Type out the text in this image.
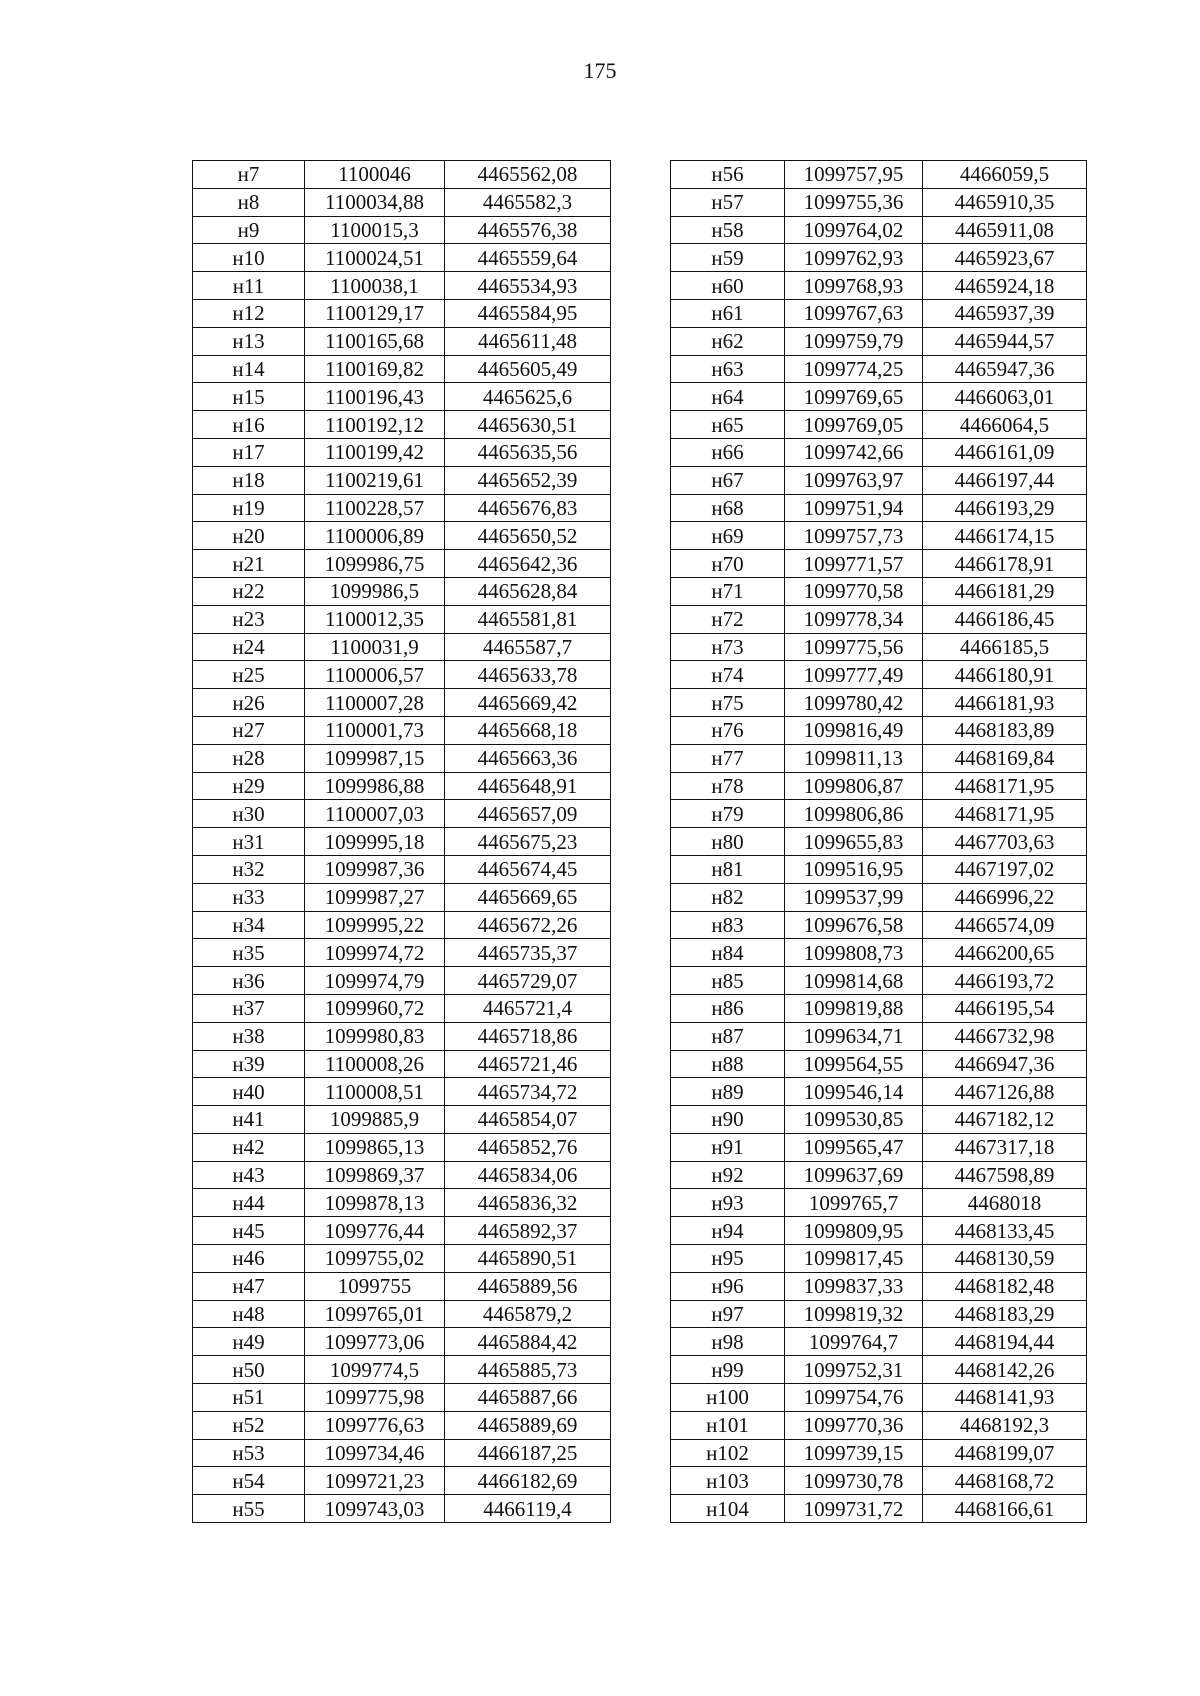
175
н7	1100046	4465562,08
н8	1100034,88	4465582,3
н9	1100015,3	4465576,38
н10	1100024,51	4465559,64
н11	1100038,1	4465534,93
н12	1100129,17	4465584,95
н13	1100165,68	4465611,48
н14	1100169,82	4465605,49
н15	1100196,43	4465625,6
н16	1100192,12	4465630,51
н17	1100199,42	4465635,56
н18	1100219,61	4465652,39
н19	1100228,57	4465676,83
н20	1100006,89	4465650,52
н21	1099986,75	4465642,36
н22	1099986,5	4465628,84
н23	1100012,35	4465581,81
н24	1100031,9	4465587,7
н25	1100006,57	4465633,78
н26	1100007,28	4465669,42
н27	1100001,73	4465668,18
н28	1099987,15	4465663,36
н29	1099986,88	4465648,91
н30	1100007,03	4465657,09
н31	1099995,18	4465675,23
н32	1099987,36	4465674,45
н33	1099987,27	4465669,65
н34	1099995,22	4465672,26
н35	1099974,72	4465735,37
н36	1099974,79	4465729,07
н37	1099960,72	4465721,4
н38	1099980,83	4465718,86
н39	1100008,26	4465721,46
н40	1100008,51	4465734,72
н41	1099885,9	4465854,07
н42	1099865,13	4465852,76
н43	1099869,37	4465834,06
н44	1099878,13	4465836,32
н45	1099776,44	4465892,37
н46	1099755,02	4465890,51
н47	1099755	4465889,56
н48	1099765,01	4465879,2
н49	1099773,06	4465884,42
н50	1099774,5	4465885,73
н51	1099775,98	4465887,66
н52	1099776,63	4465889,69
н53	1099734,46	4466187,25
н54	1099721,23	4466182,69
н55	1099743,03	4466119,4
н56	1099757,95	4466059,5
н57	1099755,36	4465910,35
н58	1099764,02	4465911,08
н59	1099762,93	4465923,67
н60	1099768,93	4465924,18
н61	1099767,63	4465937,39
н62	1099759,79	4465944,57
н63	1099774,25	4465947,36
н64	1099769,65	4466063,01
н65	1099769,05	4466064,5
н66	1099742,66	4466161,09
н67	1099763,97	4466197,44
н68	1099751,94	4466193,29
н69	1099757,73	4466174,15
н70	1099771,57	4466178,91
н71	1099770,58	4466181,29
н72	1099778,34	4466186,45
н73	1099775,56	4466185,5
н74	1099777,49	4466180,91
н75	1099780,42	4466181,93
н76	1099816,49	4468183,89
н77	1099811,13	4468169,84
н78	1099806,87	4468171,95
н79	1099806,86	4468171,95
н80	1099655,83	4467703,63
н81	1099516,95	4467197,02
н82	1099537,99	4466996,22
н83	1099676,58	4466574,09
н84	1099808,73	4466200,65
н85	1099814,68	4466193,72
н86	1099819,88	4466195,54
н87	1099634,71	4466732,98
н88	1099564,55	4466947,36
н89	1099546,14	4467126,88
н90	1099530,85	4467182,12
н91	1099565,47	4467317,18
н92	1099637,69	4467598,89
н93	1099765,7	4468018
н94	1099809,95	4468133,45
н95	1099817,45	4468130,59
н96	1099837,33	4468182,48
н97	1099819,32	4468183,29
н98	1099764,7	4468194,44
н99	1099752,31	4468142,26
н100	1099754,76	4468141,93
н101	1099770,36	4468192,3
н102	1099739,15	4468199,07
н103	1099730,78	4468168,72
н104	1099731,72	4468166,61
